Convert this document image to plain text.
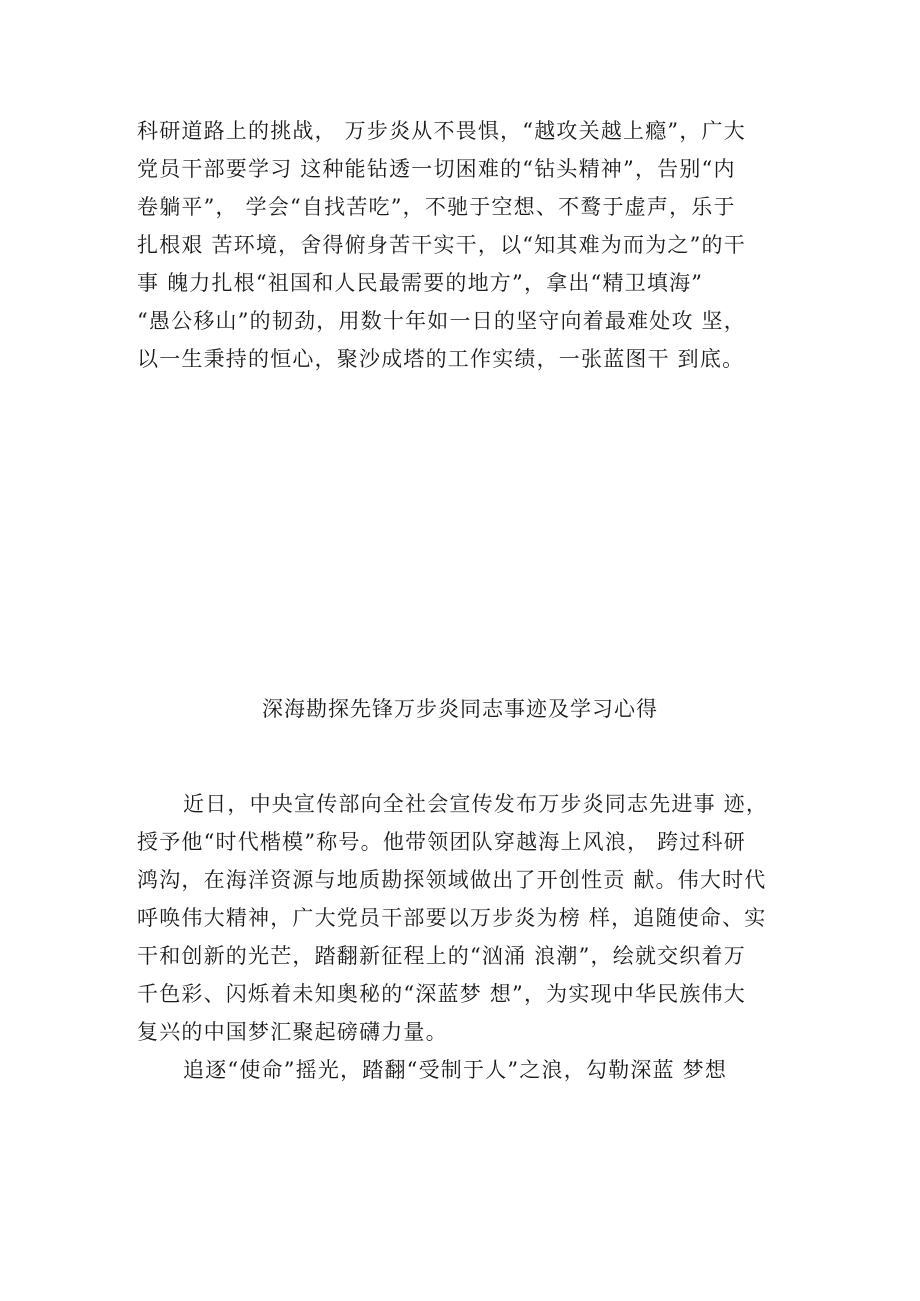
科研道路上的挑战， 万步炎从不畏惧，“越攻关越上瘾”，广大
党员干部要学习 这种能钻透一切困难的“钻头精神”，告别“内
卷躺平”， 学会“自找苦吃”，不驰于空想、不鹜于虚声，乐于
扎根艰 苦环境，舍得俯身苦干实干，以“知其难为而为之”的干
事 魄力扎根“祖国和人民最需要的地方”，拿出“精卫填海”
“愚公移山”的韧劲，用数十年如一日的坚守向着最难处攻 坚，
以一生秉持的恒心，聚沙成塔的工作实绩，一张蓝图干 到底。
深海勘探先锋万步炎同志事迹及学习心得
近日，中央宣传部向全社会宣传发布万步炎同志先进事 迹，
授予他“时代楷模”称号。他带领团队穿越海上风浪， 跨过科研
鸿沟，在海洋资源与地质勘探领域做出了开创性贡 献。伟大时代
呼唤伟大精神，广大党员干部要以万步炎为榜 样，追随使命、实
干和创新的光芒，踏翻新征程上的“汹涌 浪潮”，绘就交织着万
千色彩、闪烁着未知奥秘的“深蓝梦 想”，为实现中华民族伟大
复兴的中国梦汇聚起磅礴力量。
追逐“使命”摇光，踏翻“受制于人”之浪，勾勒深蓝 梦想
